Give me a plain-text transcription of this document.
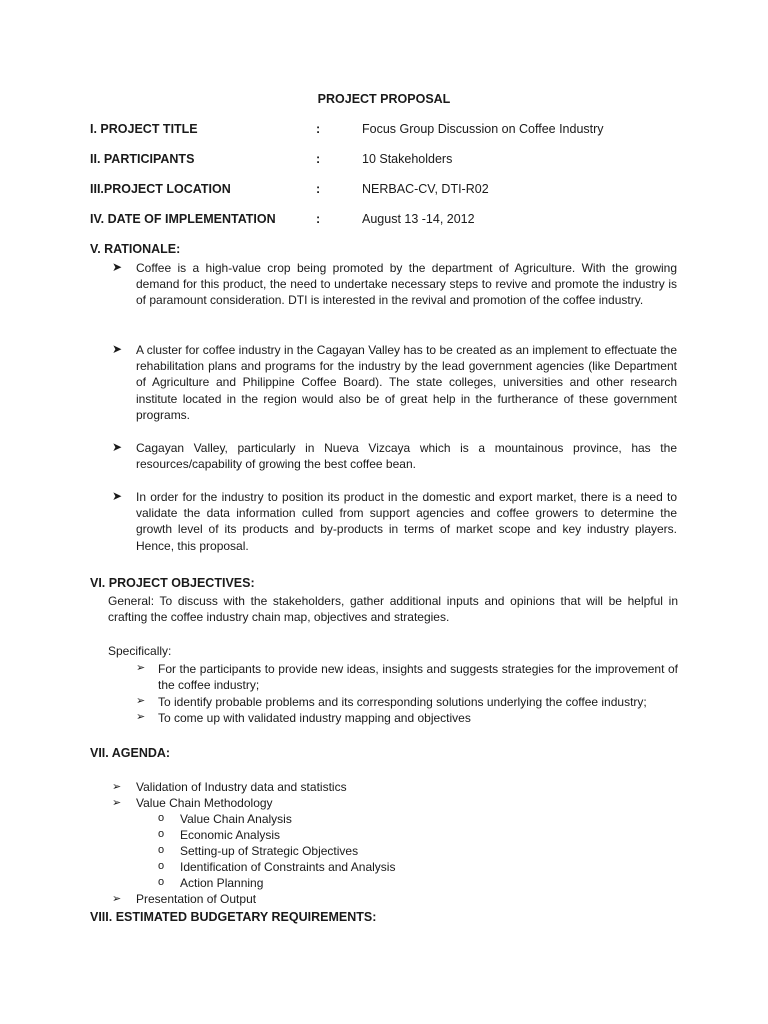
PROJECT PROPOSAL
I. PROJECT TITLE	:	Focus Group Discussion on Coffee Industry
II. PARTICIPANTS	:	10 Stakeholders
III.PROJECT LOCATION	:	NERBAC-CV, DTI-R02
IV. DATE OF IMPLEMENTATION	:	August 13 -14, 2012
V. RATIONALE:
➤ Coffee is a high-value crop being promoted by the department of Agriculture. With the growing demand for this product, the need to undertake necessary steps to revive and promote the industry is of paramount consideration. DTI is interested in the revival and promotion of the coffee industry.
➤ A cluster for coffee industry in the Cagayan Valley has to be created as an implement to effectuate the rehabilitation plans and programs for the industry by the lead government agencies (like Department of Agriculture and Philippine Coffee Board). The state colleges, universities and other research institute located in the region would also be of great help in the furtherance of these government programs.
➤ Cagayan Valley, particularly in Nueva Vizcaya which is a mountainous province, has the resources/capability of growing the best coffee bean.
➤ In order for the industry to position its product in the domestic and export market, there is a need to validate the data information culled from support agencies and coffee growers to determine the growth level of its products and by-products in terms of market scope and key industry players. Hence, this proposal.
VI. PROJECT OBJECTIVES:
General: To discuss with the stakeholders, gather additional inputs and opinions that will be helpful in crafting the coffee industry chain map, objectives and strategies.
Specifically:
➢ For the participants to provide new ideas, insights and suggests strategies for the improvement of the coffee industry;
➢ To identify probable problems and its corresponding solutions underlying the coffee industry;
➢ To come up with validated industry mapping and objectives
VII. AGENDA:
➢ Validation of Industry data and statistics
➢ Value Chain Methodology
o Value Chain Analysis
o Economic Analysis
o Setting-up of Strategic Objectives
o Identification of Constraints and Analysis
o Action Planning
➢ Presentation of Output
VIII. ESTIMATED BUDGETARY REQUIREMENTS:
